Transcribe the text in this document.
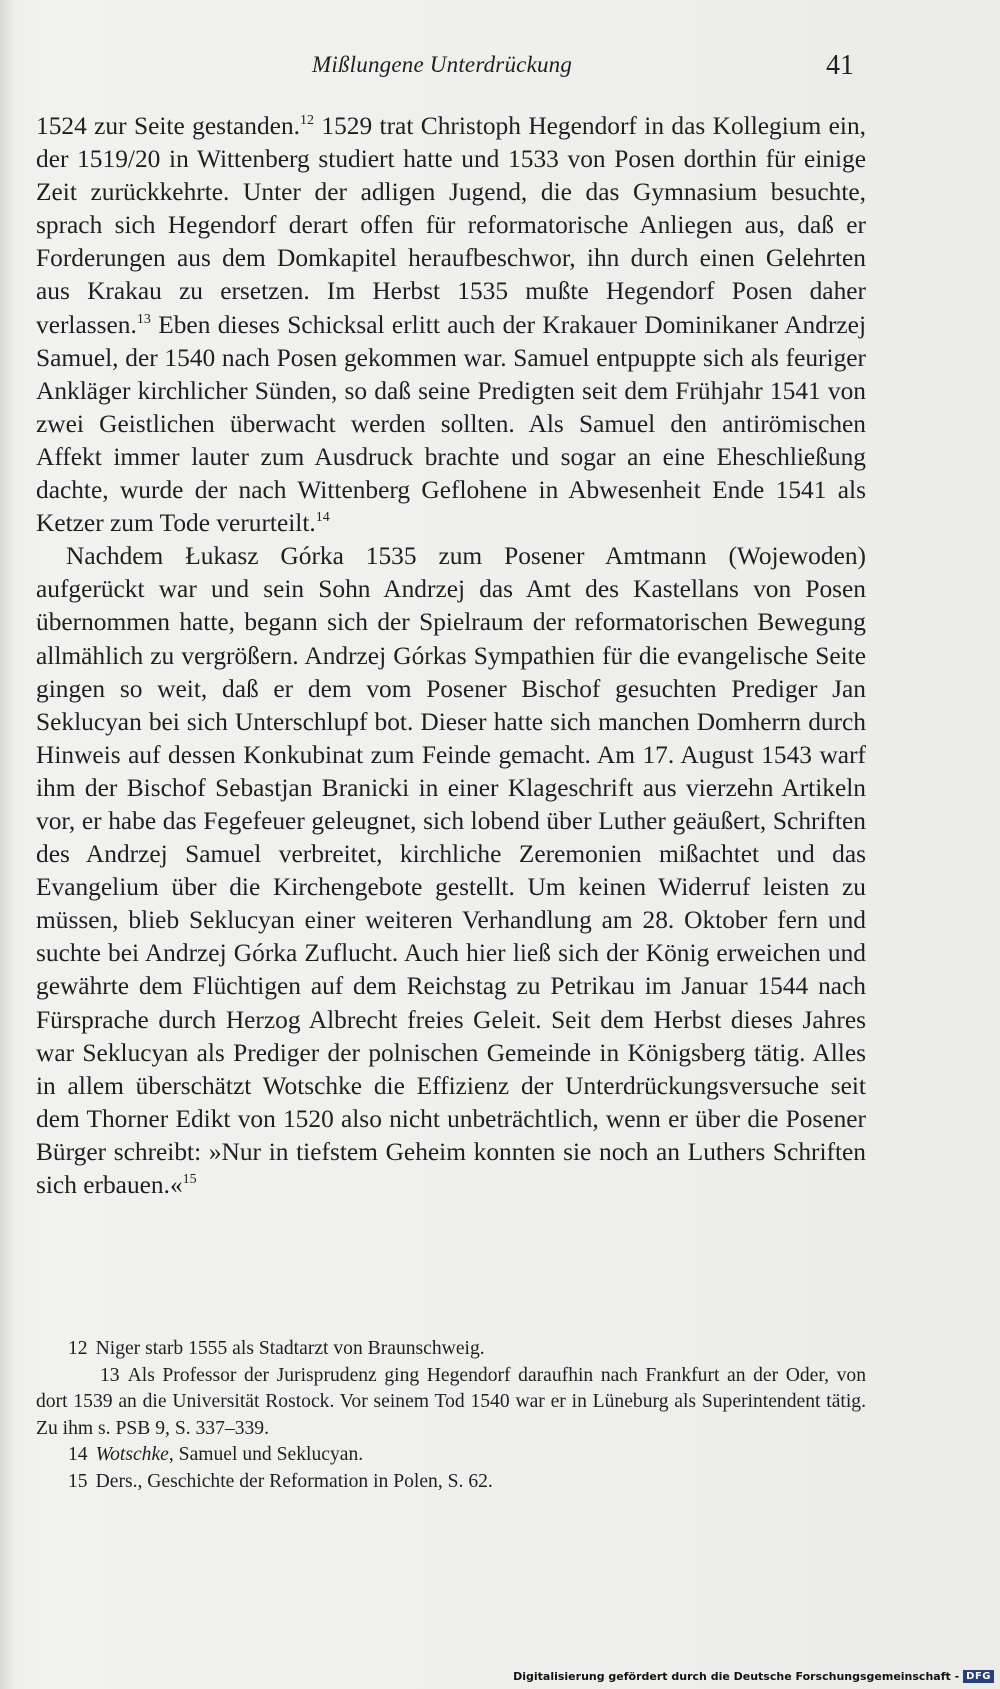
Mißlungene Unterdrückung	41

1524 zur Seite gestanden.$^{12}$ 1529 trat Christoph Hegendorf in das Kollegium ein, der 1519/20 in Wittenberg studiert hatte und 1533 von Posen dorthin für einige Zeit zurückkehrte. Unter der adligen Jugend, die das Gymnasium besuchte, sprach sich Hegendorf derart offen für reformatorische Anliegen aus, daß er Forderungen aus dem Domkapitel heraufbeschwor, ihn durch einen Gelehrten aus Krakau zu ersetzen. Im Herbst 1535 mußte Hegendorf Posen daher verlassen.$^{13}$ Eben dieses Schicksal erlitt auch der Krakauer Dominikaner Andrzej Samuel, der 1540 nach Posen gekommen war. Samuel entpuppte sich als feuriger Ankläger kirchlicher Sünden, so daß seine Predigten seit dem Frühjahr 1541 von zwei Geistlichen überwacht werden sollten. Als Samuel den antirömischen Affekt immer lauter zum Ausdruck brachte und sogar an eine Eheschließung dachte, wurde der nach Wittenberg Geflohene in Abwesenheit Ende 1541 als Ketzer zum Tode verurteilt.$^{14}$

Nachdem Łukasz Górka 1535 zum Posener Amtmann (Wojewoden) aufgerückt war und sein Sohn Andrzej das Amt des Kastellans von Posen übernommen hatte, begann sich der Spielraum der reformatorischen Bewegung allmählich zu vergrößern. Andrzej Górkas Sympathien für die evangelische Seite gingen so weit, daß er dem vom Posener Bischof gesuchten Prediger Jan Seklucyan bei sich Unterschlupf bot. Dieser hatte sich manchen Domherrn durch Hinweis auf dessen Konkubinat zum Feinde gemacht. Am 17. August 1543 warf ihm der Bischof Sebastjan Branicki in einer Klageschrift aus vierzehn Artikeln vor, er habe das Fegefeuer geleugnet, sich lobend über Luther geäußert, Schriften des Andrzej Samuel verbreitet, kirchliche Zeremonien mißachtet und das Evangelium über die Kirchengebote gestellt. Um keinen Widerruf leisten zu müssen, blieb Seklucyan einer weiteren Verhandlung am 28. Oktober fern und suchte bei Andrzej Górka Zuflucht. Auch hier ließ sich der König erweichen und gewährte dem Flüchtigen auf dem Reichstag zu Petrikau im Januar 1544 nach Fürsprache durch Herzog Albrecht freies Geleit. Seit dem Herbst dieses Jahres war Seklucyan als Prediger der polnischen Gemeinde in Königsberg tätig. Alles in allem überschätzt Wotschke die Effizienz der Unterdrückungsversuche seit dem Thorner Edikt von 1520 also nicht unbeträchtlich, wenn er über die Posener Bürger schreibt: »Nur in tiefstem Geheim konnten sie noch an Luthers Schriften sich erbauen.«$^{15}$

12 Niger starb 1555 als Stadtarzt von Braunschweig.

13 Als Professor der Jurisprudenz ging Hegendorf daraufhin nach Frankfurt an der Oder, von dort 1539 an die Universität Rostock. Vor seinem Tod 1540 war er in Lüneburg als Superintendent tätig. Zu ihm s. PSB 9, S. 337–339.

14 Wotschke, Samuel und Seklucyan.

15 Ders., Geschichte der Reformation in Polen, S. 62.

Digitalisierung gefördert durch die Deutsche Forschungsgemeinschaft - DFG
